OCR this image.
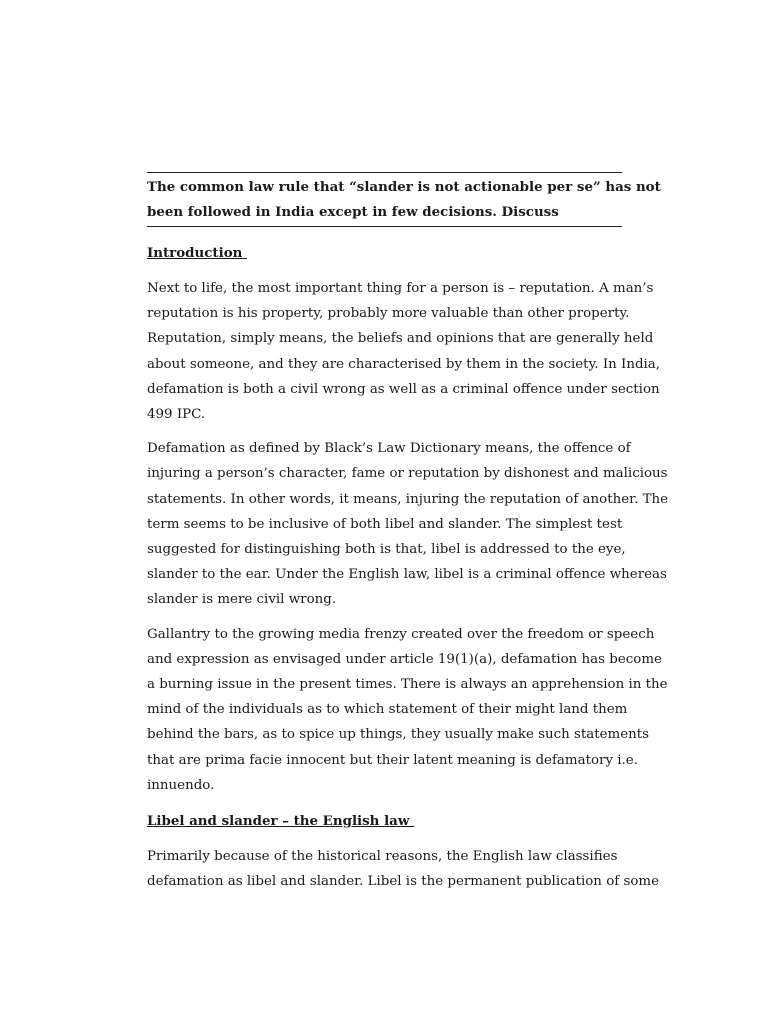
The common law rule that “slander is not actionable per se” has not
been followed in India except in few decisions. Discuss
Introduction

Next to life, the most important thing for a person is – reputation. A man’s
reputation is his property, probably more valuable than other property.
Reputation, simply means, the beliefs and opinions that are generally held
about someone, and they are characterised by them in the society. In India,
defamation is both a civil wrong as well as a criminal offence under section
499 IPC.

Defamation as defined by Black’s Law Dictionary means, the offence of
injuring a person’s character, fame or reputation by dishonest and malicious
statements. In other words, it means, injuring the reputation of another. The
term seems to be inclusive of both libel and slander. The simplest test
suggested for distinguishing both is that, libel is addressed to the eye,
slander to the ear. Under the English law, libel is a criminal offence whereas
slander is mere civil wrong.

Gallantry to the growing media frenzy created over the freedom or speech
and expression as envisaged under article 19(1)(a), defamation has become
a burning issue in the present times. There is always an apprehension in the
mind of the individuals as to which statement of their might land them
behind the bars, as to spice up things, they usually make such statements
that are prima facie innocent but their latent meaning is defamatory i.e.
innuendo.

Libel and slander – the English law

Primarily because of the historical reasons, the English law classifies
defamation as libel and slander. Libel is the permanent publication of some
